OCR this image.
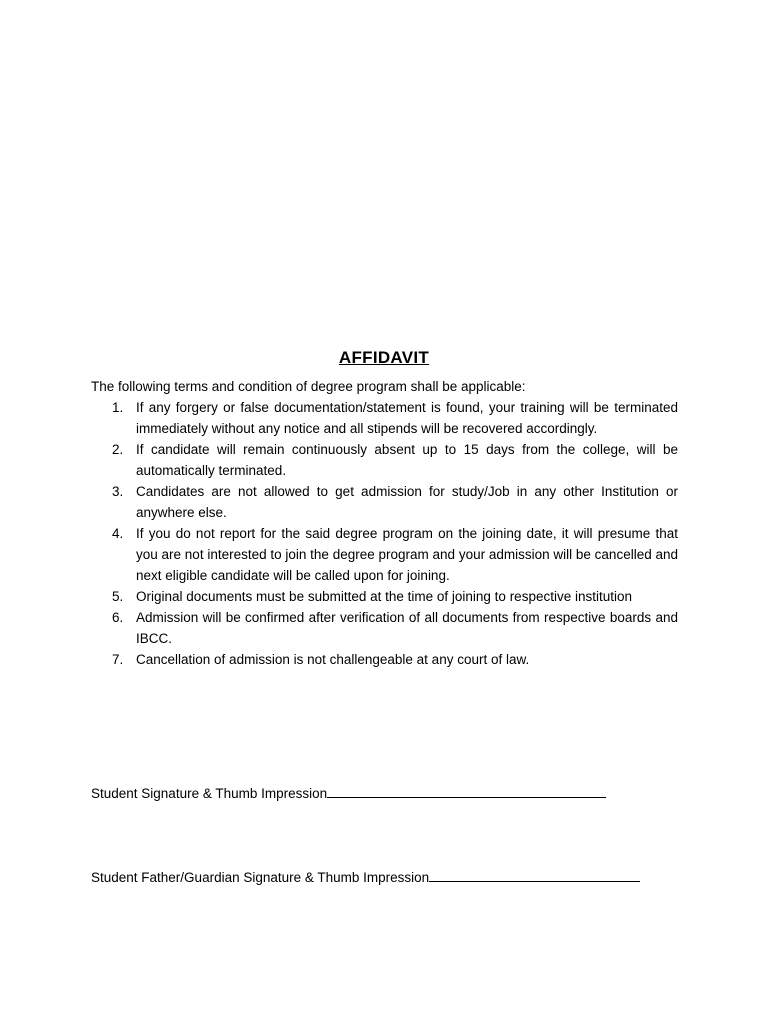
AFFIDAVIT
The following terms and condition of degree program shall be applicable:
1. If any forgery or false documentation/statement is found, your training will be terminated immediately without any notice and all stipends will be recovered accordingly.
2. If candidate will remain continuously absent up to 15 days from the college, will be automatically terminated.
3. Candidates are not allowed to get admission for study/Job in any other Institution or anywhere else.
4. If you do not report for the said degree program on the joining date, it will presume that you are not interested to join the degree program and your admission will be cancelled and next eligible candidate will be called upon for joining.
5. Original documents must be submitted at the time of joining to respective institution
6. Admission will be confirmed after verification of all documents from respective boards and IBCC.
7. Cancellation of admission is not challengeable at any court of law.
Student Signature & Thumb Impression
Student Father/Guardian Signature & Thumb Impression
